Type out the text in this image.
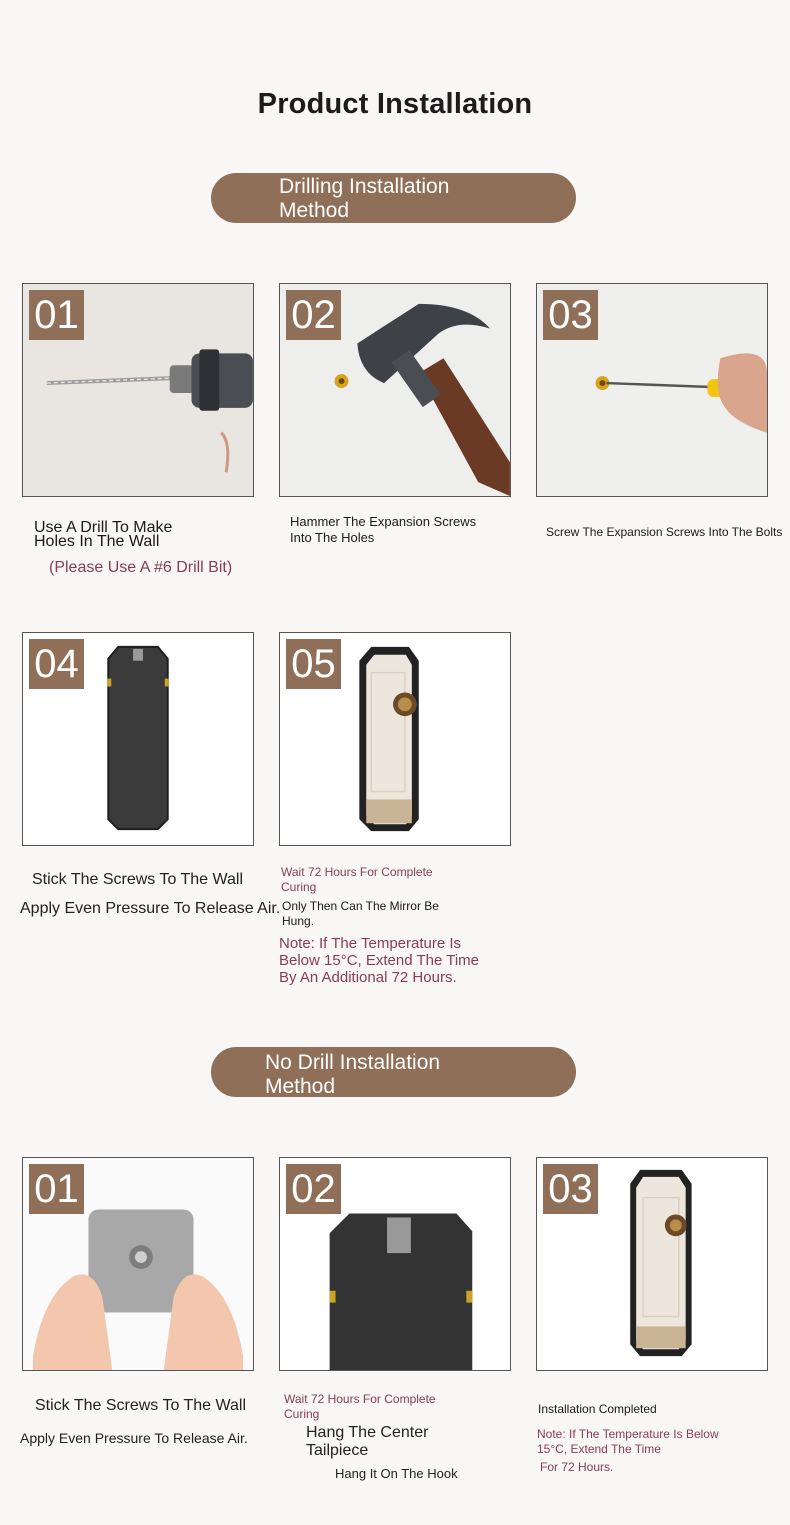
Product Installation
Drilling Installation Method
01
Use A Drill To Make
Holes In The Wall
(Please Use A #6 Drill Bit)
02
Hammer The Expansion Screws
Into The Holes
03
Screw The Expansion Screws Into The Bolts
04
Stick The Screws To The Wall
Apply Even Pressure To Release Air.
05
Wait 72 Hours For Complete
Curing
Only Then Can The Mirror Be
Hung.
Note: If The Temperature Is
Below 15°C, Extend The Time
By An Additional 72 Hours.
No Drill Installation Method
01
Stick The Screws To The Wall
Apply Even Pressure To Release Air.
02
Wait 72 Hours For Complete
Curing
Hang The Center
Tailpiece
Hang It On The Hook
03
Installation Completed
Note: If The Temperature Is Below
15°C, Extend The Time
For 72 Hours.
